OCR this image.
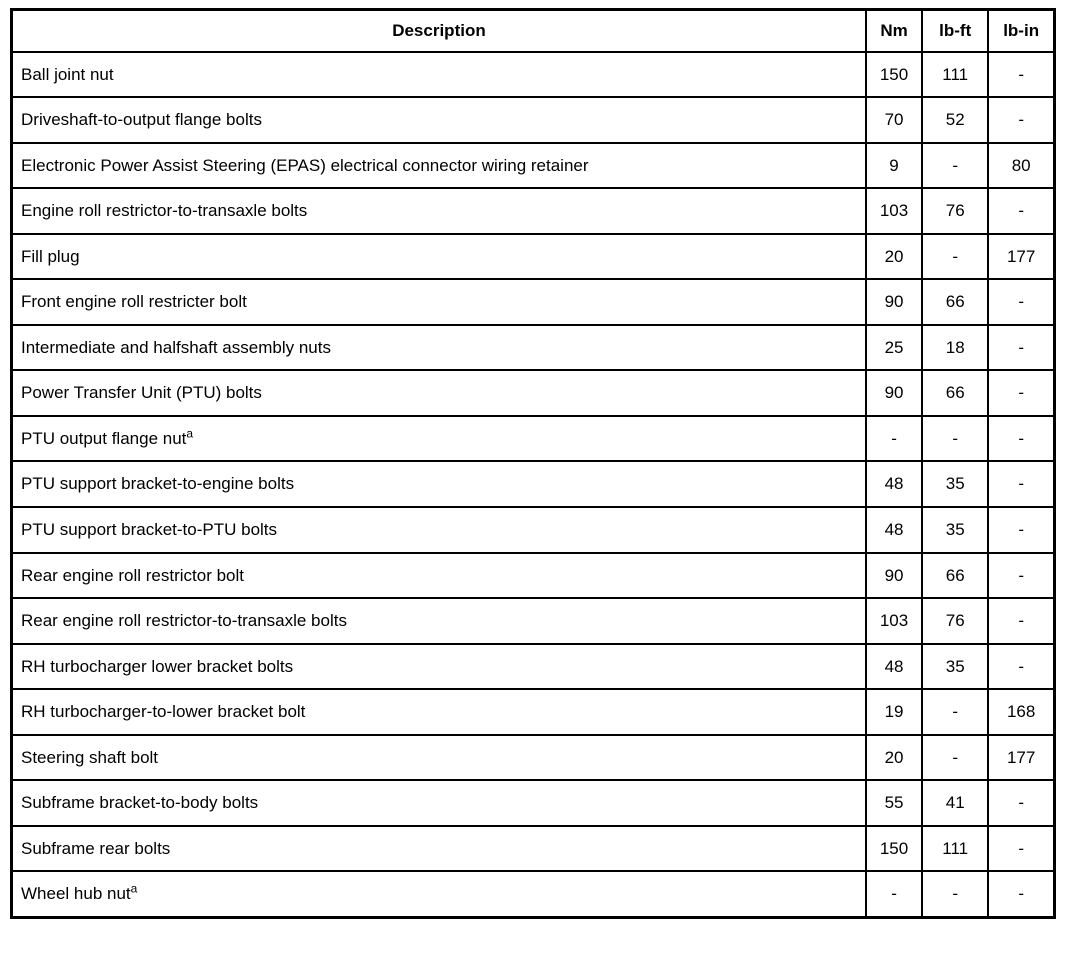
Description	Nm	lb-ft	lb-in
Ball joint nut	150	111	-
Driveshaft-to-output flange bolts	70	52	-
Electronic Power Assist Steering (EPAS) electrical connector wiring retainer	9	-	80
Engine roll restrictor-to-transaxle bolts	103	76	-
Fill plug	20	-	177
Front engine roll restricter bolt	90	66	-
Intermediate and halfshaft assembly nuts	25	18	-
Power Transfer Unit (PTU) bolts	90	66	-
PTU output flange nut$^a$	-	-	-
PTU support bracket-to-engine bolts	48	35	-
PTU support bracket-to-PTU bolts	48	35	-
Rear engine roll restrictor bolt	90	66	-
Rear engine roll restrictor-to-transaxle bolts	103	76	-
RH turbocharger lower bracket bolts	48	35	-
RH turbocharger-to-lower bracket bolt	19	-	168
Steering shaft bolt	20	-	177
Subframe bracket-to-body bolts	55	41	-
Subframe rear bolts	150	111	-
Wheel hub nut$^a$	-	-	-
